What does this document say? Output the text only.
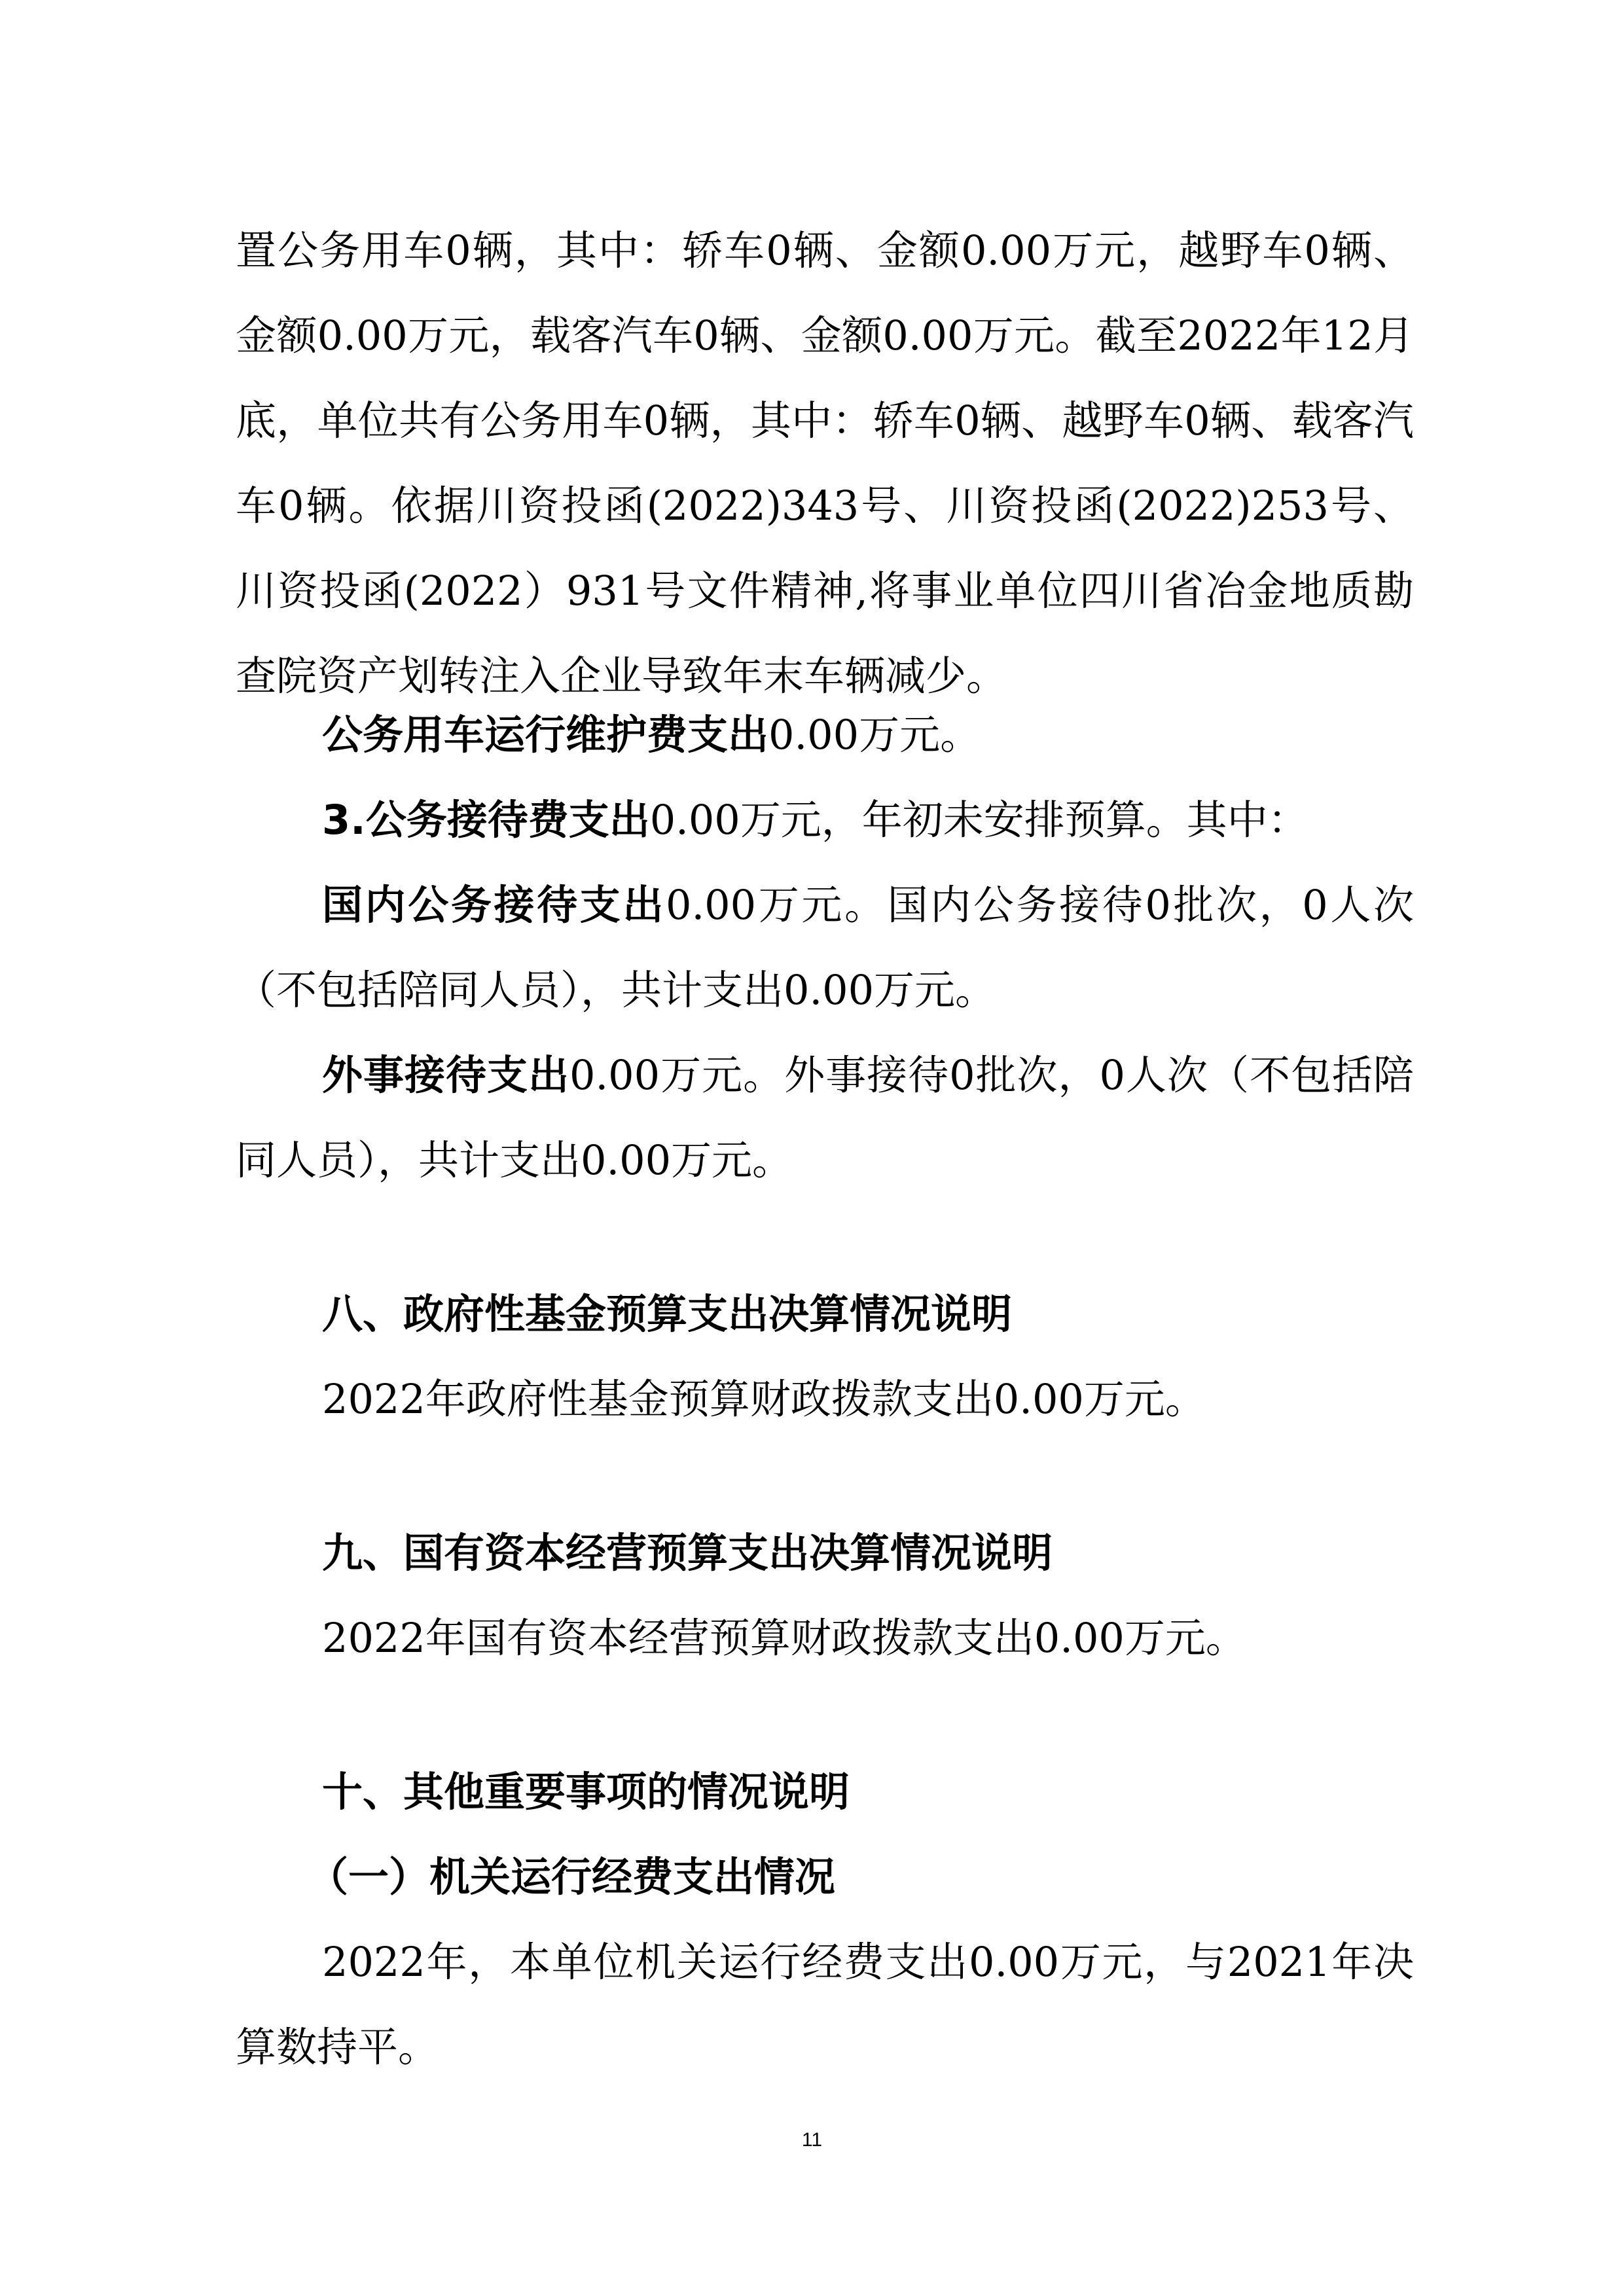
置公务用车0辆，其中：轿车0辆、金额0.00万元，越野车0辆、金额0.00万元，载客汽车0辆、金额0.00万元。截至2022年12月底，单位共有公务用车0辆，其中：轿车0辆、越野车0辆、载客汽车0辆。依据川资投函(2022)343号、川资投函(2022)253号、川资投函(2022）931号文件精神,将事业单位四川省冶金地质勘查院资产划转注入企业导致年末车辆减少。

公务用车运行维护费支出0.00万元。

3.公务接待费支出0.00万元，年初未安排预算。其中：

国内公务接待支出0.00万元。国内公务接待0批次，0人次（不包括陪同人员），共计支出0.00万元。

外事接待支出0.00万元。外事接待0批次，0人次（不包括陪同人员），共计支出0.00万元。

八、政府性基金预算支出决算情况说明

2022年政府性基金预算财政拨款支出0.00万元。

九、国有资本经营预算支出决算情况说明

2022年国有资本经营预算财政拨款支出0.00万元。

十、其他重要事项的情况说明
（一）机关运行经费支出情况

2022年，本单位机关运行经费支出0.00万元，与2021年决算数持平。

11
